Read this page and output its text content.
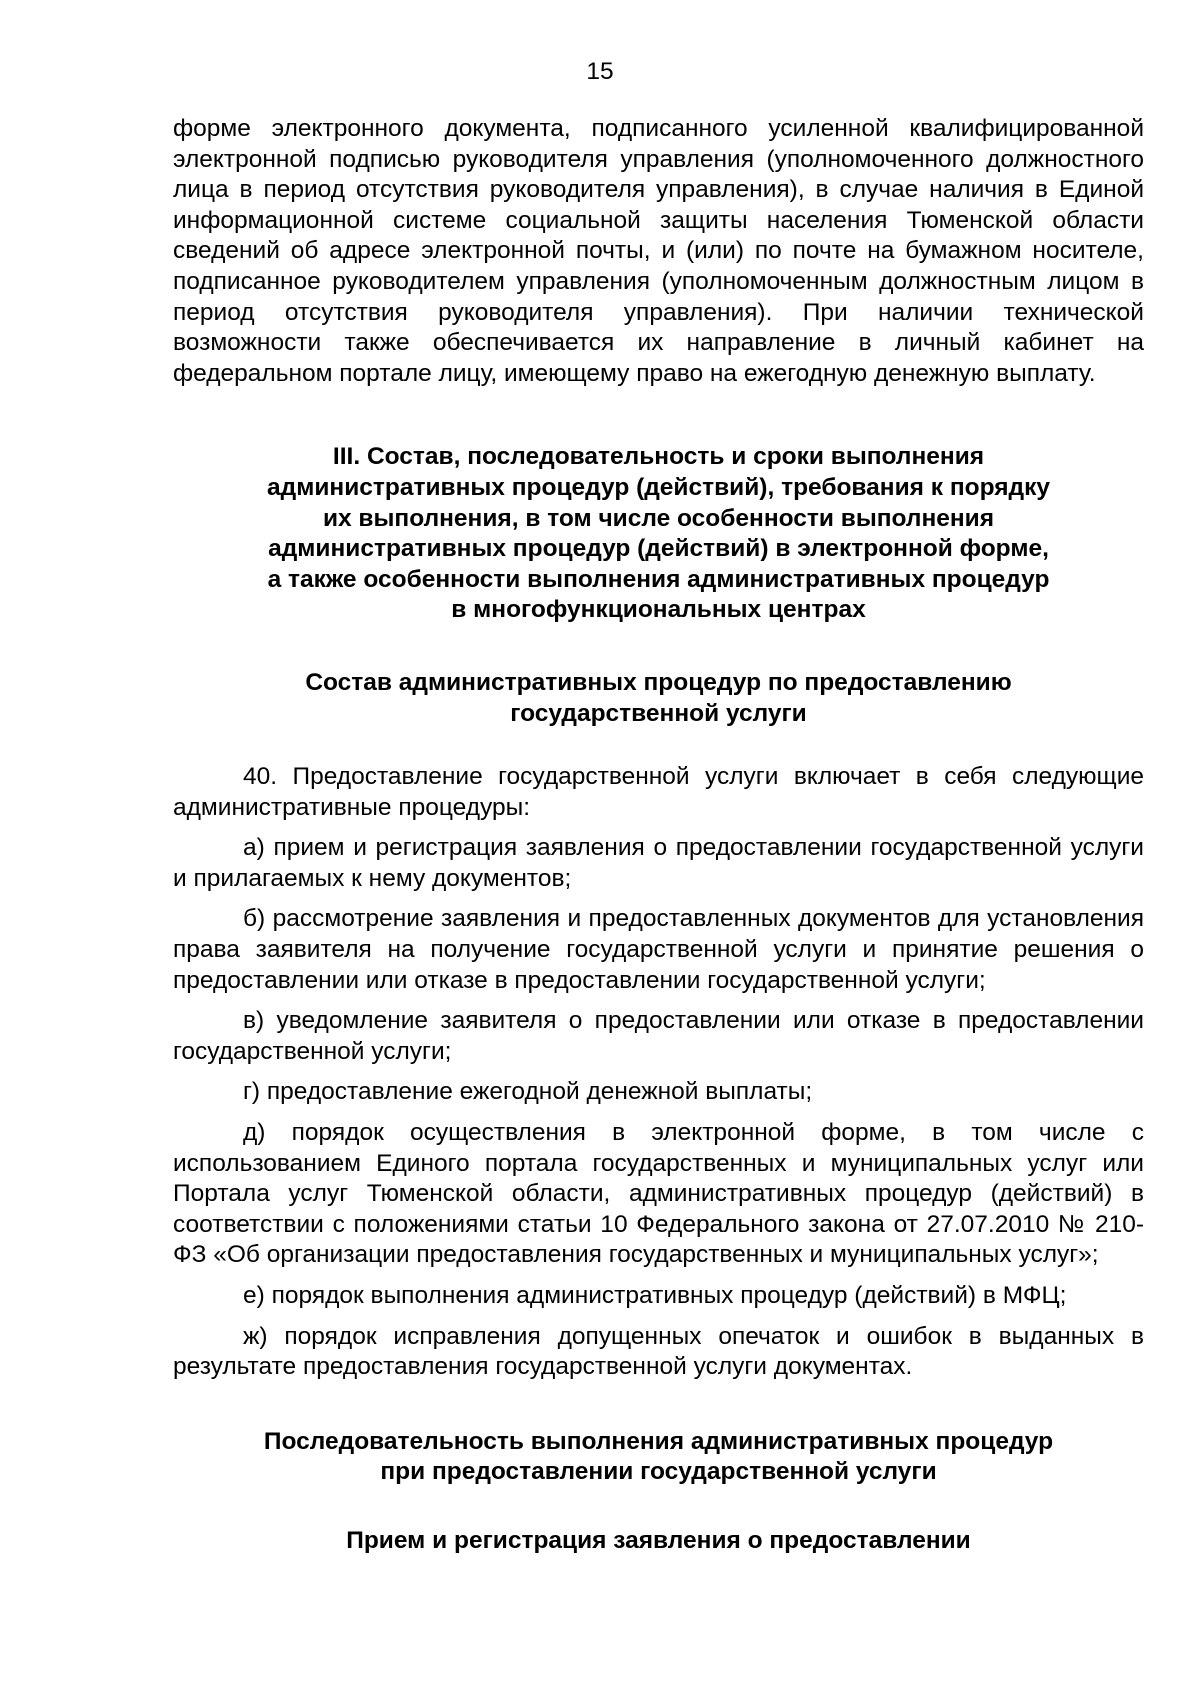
15

форме электронного документа, подписанного усиленной квалифицированной электронной подписью руководителя управления (уполномоченного должностного лица в период отсутствия руководителя управления), в случае наличия в Единой информационной системе социальной защиты населения Тюменской области сведений об адресе электронной почты, и (или) по почте на бумажном носителе, подписанное руководителем управления (уполномоченным должностным лицом в период отсутствия руководителя управления). При наличии технической возможности также обеспечивается их направление в личный кабинет на федеральном портале лицу, имеющему право на ежегодную денежную выплату.

III. Состав, последовательность и сроки выполнения
административных процедур (действий), требования к порядку
их выполнения, в том числе особенности выполнения
административных процедур (действий) в электронной форме,
а также особенности выполнения административных процедур
в многофункциональных центрах
Состав административных процедур по предоставлению
государственной услуги

40. Предоставление государственной услуги включает в себя следующие административные процедуры:

а) прием и регистрация заявления о предоставлении государственной услуги и прилагаемых к нему документов;

б) рассмотрение заявления и предоставленных документов для установления права заявителя на получение государственной услуги и принятие решения о предоставлении или отказе в предоставлении государственной услуги;

в) уведомление заявителя о предоставлении или отказе в предоставлении государственной услуги;

г) предоставление ежегодной денежной выплаты;

д) порядок осуществления в электронной форме, в том числе с использованием Единого портала государственных и муниципальных услуг или Портала услуг Тюменской области, административных процедур (действий) в соответствии с положениями статьи 10 Федерального закона от 27.07.2010 № 210-ФЗ «Об организации предоставления государственных и муниципальных услуг»;

е) порядок выполнения административных процедур (действий) в МФЦ;

ж) порядок исправления допущенных опечаток и ошибок в выданных в результате предоставления государственной услуги документах.

Последовательность выполнения административных процедур
при предоставлении государственной услуги
Прием и регистрация заявления о предоставлении
